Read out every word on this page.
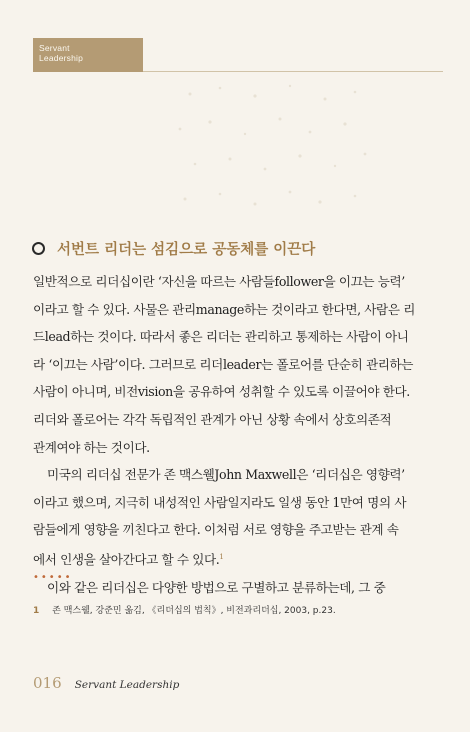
Servant
Leadership
서번트 리더는 섬김으로 공동체를 이끈다
일반적으로 리더십이란 ‘자신을 따르는 사람들follower을 이끄는 능력’
이라고 할 수 있다. 사물은 관리manage하는 것이라고 한다면, 사람은 리
드lead하는 것이다. 따라서 좋은 리더는 관리하고 통제하는 사람이 아니
라 ‘이끄는 사람’이다. 그러므로 리더leader는 폴로어를 단순히 관리하는
사람이 아니며, 비전vision을 공유하여 성취할 수 있도록 이끌어야 한다.
리더와 폴로어는 각각 독립적인 관계가 아닌 상황 속에서 상호의존적
관계여야 하는 것이다.
미국의 리더십 전문가 존 맥스웰John Maxwell은 ‘리더십은 영향력’
이라고 했으며, 지극히 내성적인 사람일지라도 일생 동안 1만여 명의 사
람들에게 영향을 끼친다고 한다. 이처럼 서로 영향을 주고받는 관계 속
에서 인생을 살아간다고 할 수 있다.$^1$
이와 같은 리더십은 다양한 방법으로 구별하고 분류하는데, 그 중
•••••
1 존 맥스웰, 강준민 옮김, 《리더십의 법칙》, 비전과리더십, 2003, p.23.
016 Servant Leadership
